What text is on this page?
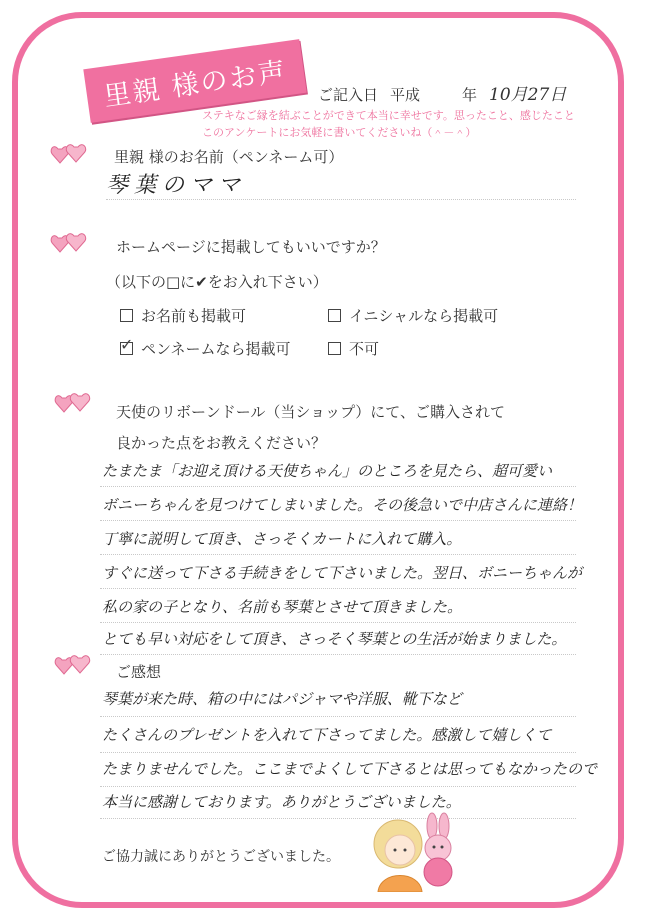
里親 様のお声 ご記入日 平成	年 10月27日
ステキなご縁を結ぶことができて本当に幸せです。思ったこと、感じたこと
このアンケートにお気軽に書いてくださいね（＾－＾）
里親 様のお名前（ペンネーム可）
琴葉のママ
ホームページに掲載してもいいですか？
（以下の□に✔をお入れ下さい）
お名前も掲載可	イニシャルなら掲載可
✓
ペンネームなら掲載可	不可
天使のリボーンドール（当ショップ）にて、ご購入されて
良かった点をお教えください？
たまたま「お迎え頂ける天使ちゃん」のところを見たら、超可愛い
ボニーちゃんを見つけてしまいました。その後急いで中店さんに連絡！
丁寧に説明して頂き、さっそくカートに入れて購入。
すぐに送って下さる手続きをして下さいました。翌日、ボニーちゃんが
私の家の子となり、名前も琴葉とさせて頂きました。
とても早い対応をして頂き、さっそく琴葉との生活が始まりました。
ご感想
琴葉が来た時、箱の中にはパジャマや洋服、靴下など
たくさんのプレゼントを入れて下さってました。感激して嬉しくて
たまりませんでした。ここまでよくして下さるとは思ってもなかったので
本当に感謝しております。ありがとうございました。
ご協力誠にありがとうございました。
